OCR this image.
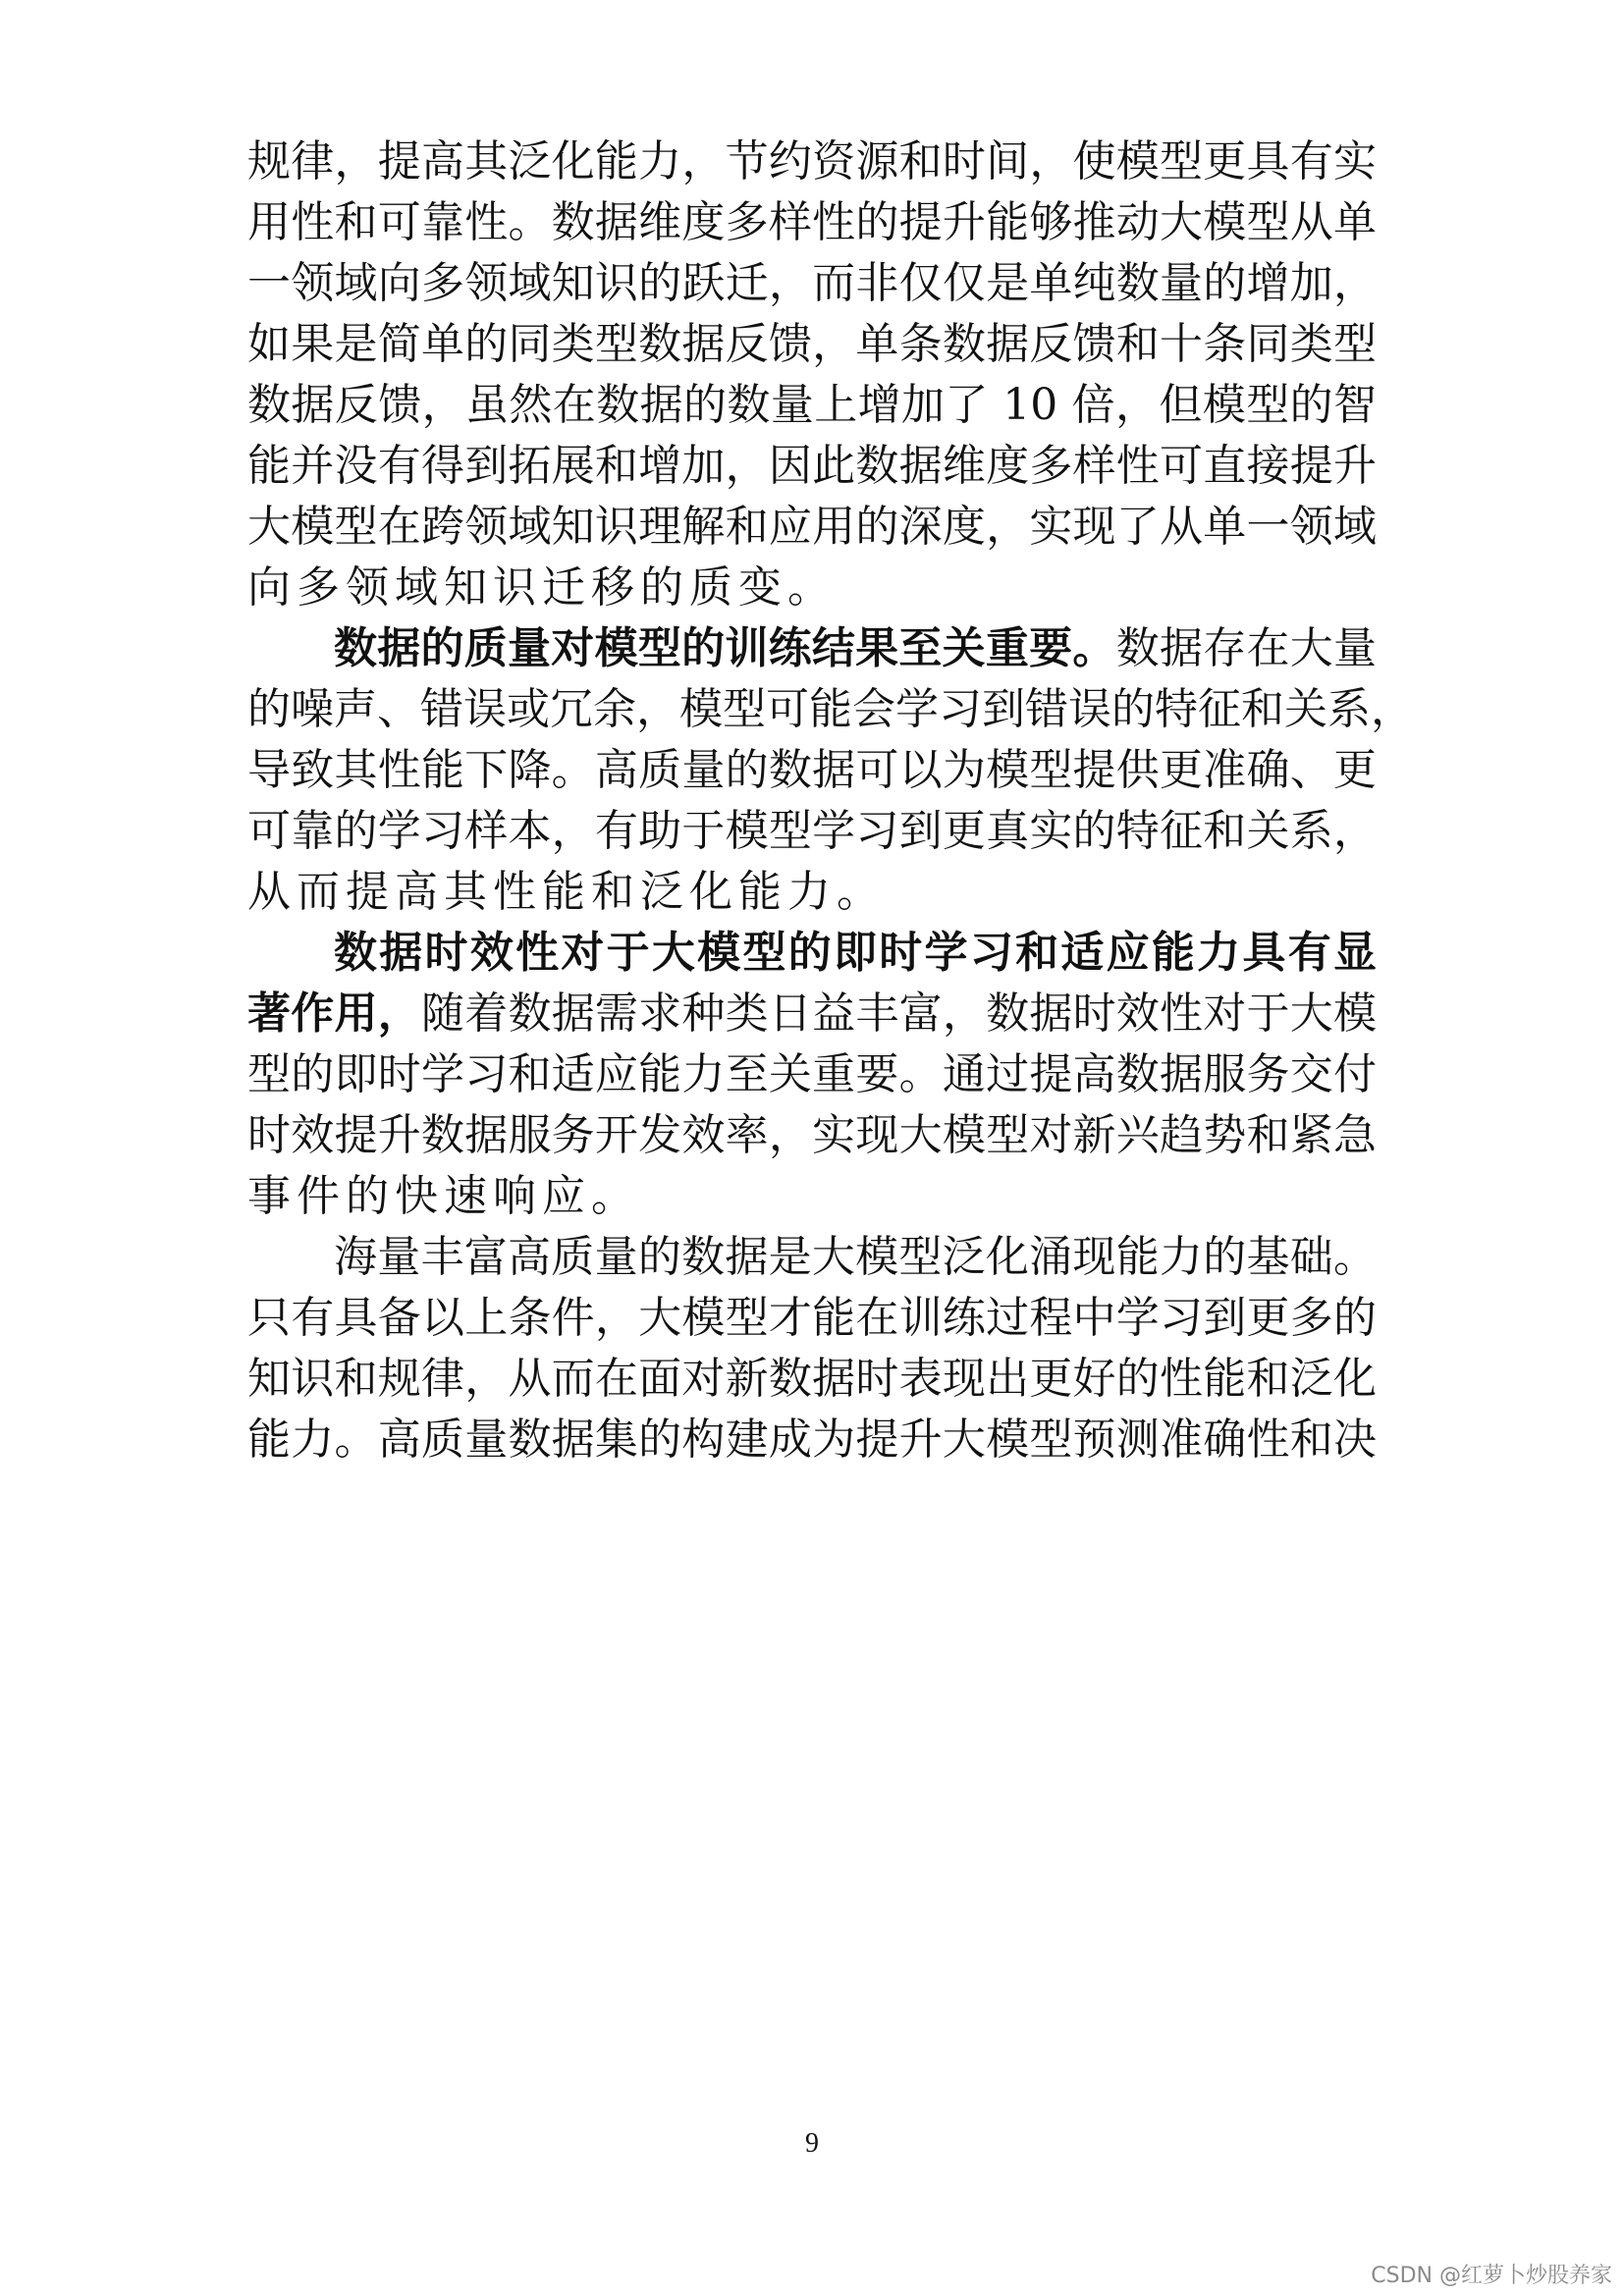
规律，提高其泛化能力，节约资源和时间，使模型更具有实
用性和可靠性。数据维度多样性的提升能够推动大模型从单
一领域向多领域知识的跃迁，而非仅仅是单纯数量的增加，
如果是简单的同类型数据反馈，单条数据反馈和十条同类型
数据反馈，虽然在数据的数量上增加了 10 倍，但模型的智
能并没有得到拓展和增加，因此数据维度多样性可直接提升
大模型在跨领域知识理解和应用的深度，实现了从单一领域
向多领域知识迁移的质变。
数据的质量对模型的训练结果至关重要。数据存在大量
的噪声、错误或冗余，模型可能会学习到错误的特征和关系，
导致其性能下降。高质量的数据可以为模型提供更准确、更
可靠的学习样本，有助于模型学习到更真实的特征和关系，
从而提高其性能和泛化能力。
数据时效性对于大模型的即时学习和适应能力具有显
著作用，随着数据需求种类日益丰富，数据时效性对于大模
型的即时学习和适应能力至关重要。通过提高数据服务交付
时效提升数据服务开发效率，实现大模型对新兴趋势和紧急
事件的快速响应。
海量丰富高质量的数据是大模型泛化涌现能力的基础。
只有具备以上条件，大模型才能在训练过程中学习到更多的
知识和规律，从而在面对新数据时表现出更好的性能和泛化
能力。高质量数据集的构建成为提升大模型预测准确性和决
9
CSDN @红萝卜炒股养家
